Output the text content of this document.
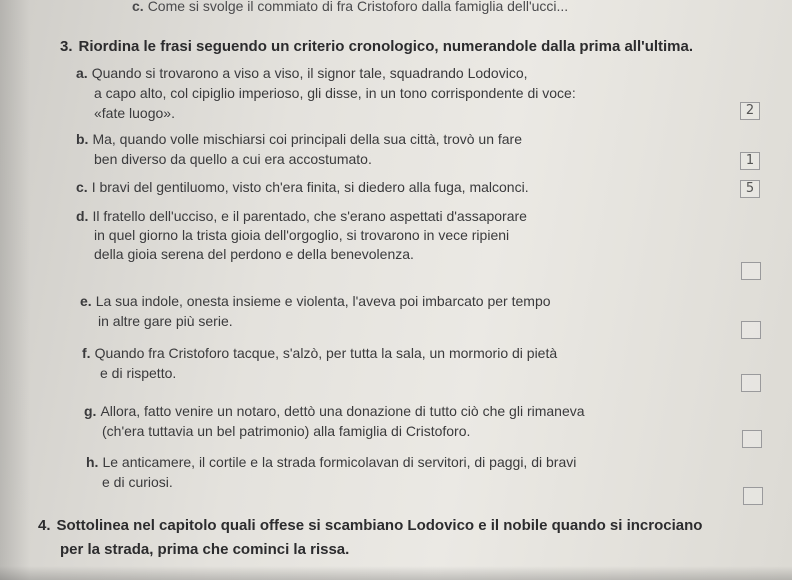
c. Come si svolge il commiato di fra Cristoforo dalla famiglia dell'ucci...
3. Riordina le frasi seguendo un criterio cronologico, numerandole dalla prima all'ultima.
a. Quando si trovarono a viso a viso, il signor tale, squadrando Lodovico,
a capo alto, col cipiglio imperioso, gli disse, in un tono corrispondente di voce:
«fate luogo».	2
b. Ma, quando volle mischiarsi coi principali della sua città, trovò un fare
ben diverso da quello a cui era accostumato.	1
c. I bravi del gentiluomo, visto ch'era finita, si diedero alla fuga, malconci.	5
d. Il fratello dell'ucciso, e il parentado, che s'erano aspettati d'assaporare
in quel giorno la trista gioia dell'orgoglio, si trovarono in vece ripieni
della gioia serena del perdono e della benevolenza.
e. La sua indole, onesta insieme e violenta, l'aveva poi imbarcato per tempo
in altre gare più serie.
f. Quando fra Cristoforo tacque, s'alzò, per tutta la sala, un mormorio di pietà
e di rispetto.
g. Allora, fatto venire un notaro, dettò una donazione di tutto ciò che gli rimaneva
(ch'era tuttavia un bel patrimonio) alla famiglia di Cristoforo.
h. Le anticamere, il cortile e la strada formicolavan di servitori, di paggi, di bravi
e di curiosi.
4. Sottolinea nel capitolo quali offese si scambiano Lodovico e il nobile quando si incrociano
per la strada, prima che cominci la rissa.
